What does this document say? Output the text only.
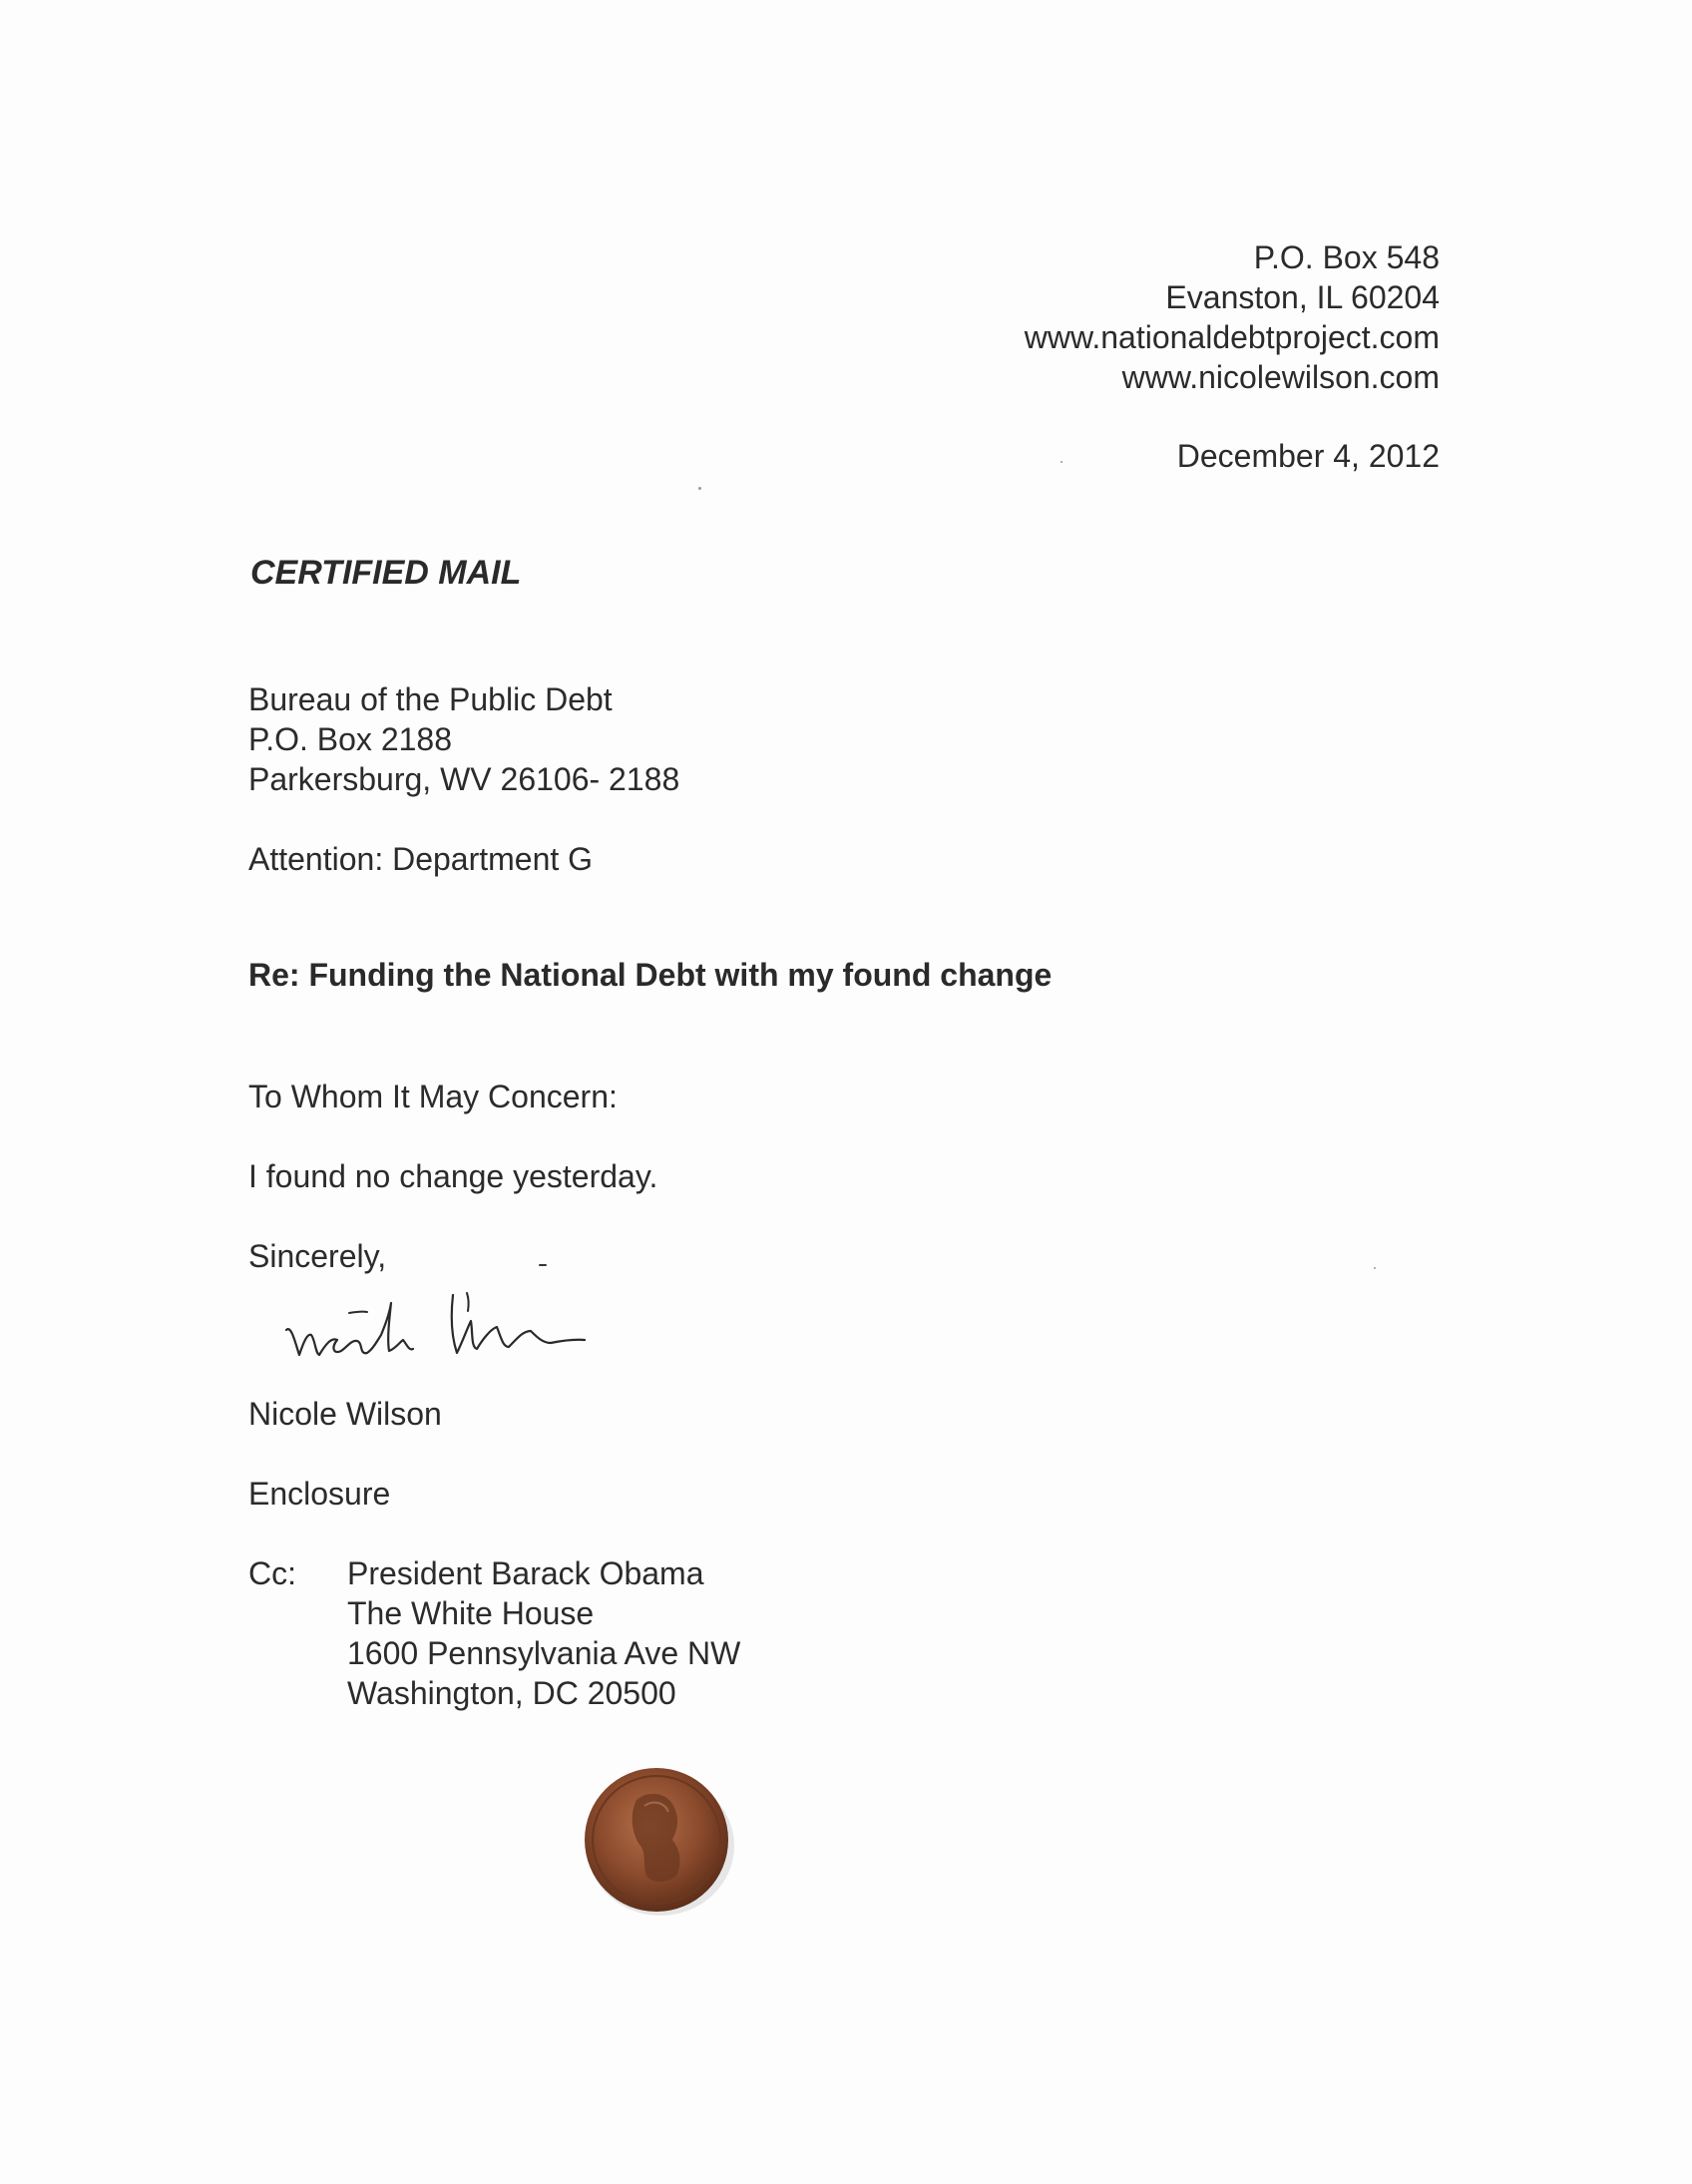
P.O. Box 548
Evanston, IL 60204
www.nationaldebtproject.com
www.nicolewilson.com
December 4, 2012
CERTIFIED MAIL
Bureau of the Public Debt
P.O. Box 2188
Parkersburg, WV 26106- 2188
Attention: Department G
Re: Funding the National Debt with my found change
To Whom It May Concern:
I found no change yesterday.
Sincerely,
Nicole Wilson
Enclosure
Cc: President Barack Obama
The White House
1600 Pennsylvania Ave NW
Washington, DC 20500
